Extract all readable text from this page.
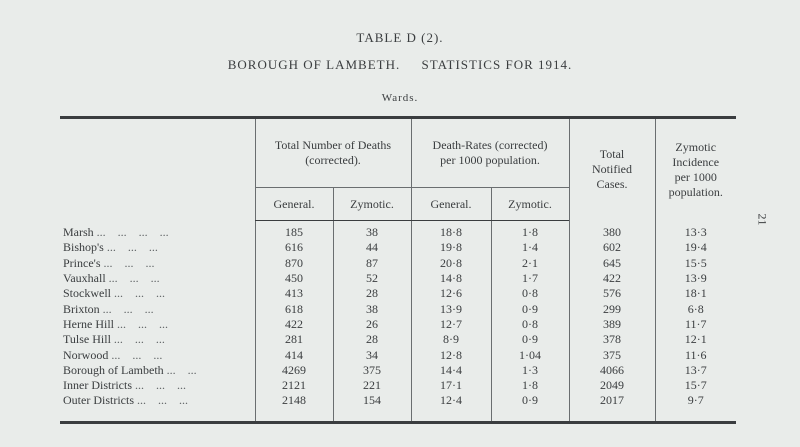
TABLE D (2).
BOROUGH OF LAMBETH.     STATISTICS FOR 1914.
Wards.
21
	Total Number of Deaths (corrected).		Death-Rates (corrected) per 1000 population.		Total Notified Cases.	Zymotic Incidence per 1000 population.
	General.	Zymotic.	General.	Zymotic.		
Marsh ...    ...    ...    ...	185	38	18·8	1·8	380	13·3
Bishop's ...    ...    ...	616	44	19·8	1·4	602	19·4
Prince's ...    ...    ...	870	87	20·8	2·1	645	15·5
Vauxhall ...    ...    ...	450	52	14·8	1·7	422	13·9
Stockwell ...    ...    ...	413	28	12·6	0·8	576	18·1
Brixton ...    ...    ...	618	38	13·9	0·9	299	6·8
Herne Hill ...    ...    ...	422	26	12·7	0·8	389	11·7
Tulse Hill ...    ...    ...	281	28	8·9	0·9	378	12·1
Norwood ...    ...    ...	414	34	12·8	1·04	375	11·6
Borough of Lambeth ...    ...	4269	375	14·4	1·3	4066	13·7
Inner Districts ...    ...    ...	2121	221	17·1	1·8	2049	15·7
Outer Districts ...    ...    ...	2148	154	12·4	0·9	2017	9·7
